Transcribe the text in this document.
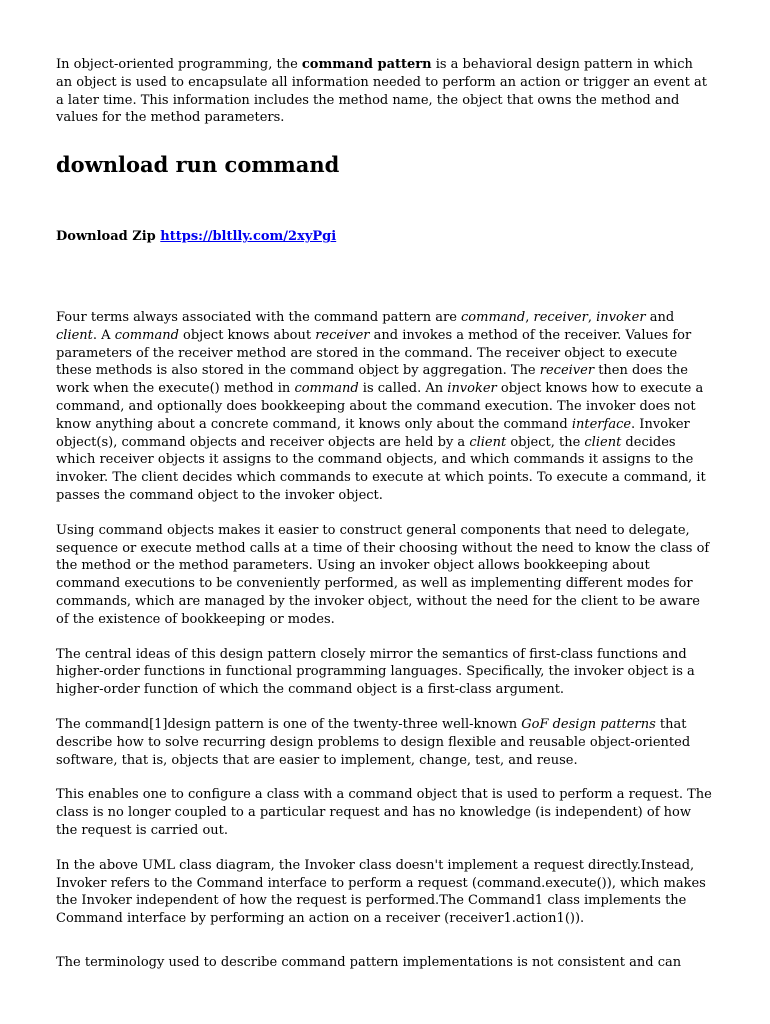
In object-oriented programming, the command pattern is a behavioral design pattern in which an object is used to encapsulate all information needed to perform an action or trigger an event at a later time. This information includes the method name, the object that owns the method and values for the method parameters.

download run command

Download Zip https://bltlly.com/2xyPgi

Four terms always associated with the command pattern are command, receiver, invoker and client. A command object knows about receiver and invokes a method of the receiver. Values for parameters of the receiver method are stored in the command. The receiver object to execute these methods is also stored in the command object by aggregation. The receiver then does the work when the execute() method in command is called. An invoker object knows how to execute a command, and optionally does bookkeeping about the command execution. The invoker does not know anything about a concrete command, it knows only about the command interface. Invoker object(s), command objects and receiver objects are held by a client object, the client decides which receiver objects it assigns to the command objects, and which commands it assigns to the invoker. The client decides which commands to execute at which points. To execute a command, it passes the command object to the invoker object.

Using command objects makes it easier to construct general components that need to delegate, sequence or execute method calls at a time of their choosing without the need to know the class of the method or the method parameters. Using an invoker object allows bookkeeping about command executions to be conveniently performed, as well as implementing different modes for commands, which are managed by the invoker object, without the need for the client to be aware of the existence of bookkeeping or modes.

The central ideas of this design pattern closely mirror the semantics of first-class functions and higher-order functions in functional programming languages. Specifically, the invoker object is a higher-order function of which the command object is a first-class argument.

The command[1]design pattern is one of the twenty-three well-known GoF design patterns that describe how to solve recurring design problems to design flexible and reusable object-oriented software, that is, objects that are easier to implement, change, test, and reuse.

This enables one to configure a class with a command object that is used to perform a request. The class is no longer coupled to a particular request and has no knowledge (is independent) of how the request is carried out.

In the above UML class diagram, the Invoker class doesn't implement a request directly.Instead, Invoker refers to the Command interface to perform a request (command.execute()), which makes the Invoker independent of how the request is performed.The Command1 class implements the Command interface by performing an action on a receiver (receiver1.action1()).

The terminology used to describe command pattern implementations is not consistent and can
